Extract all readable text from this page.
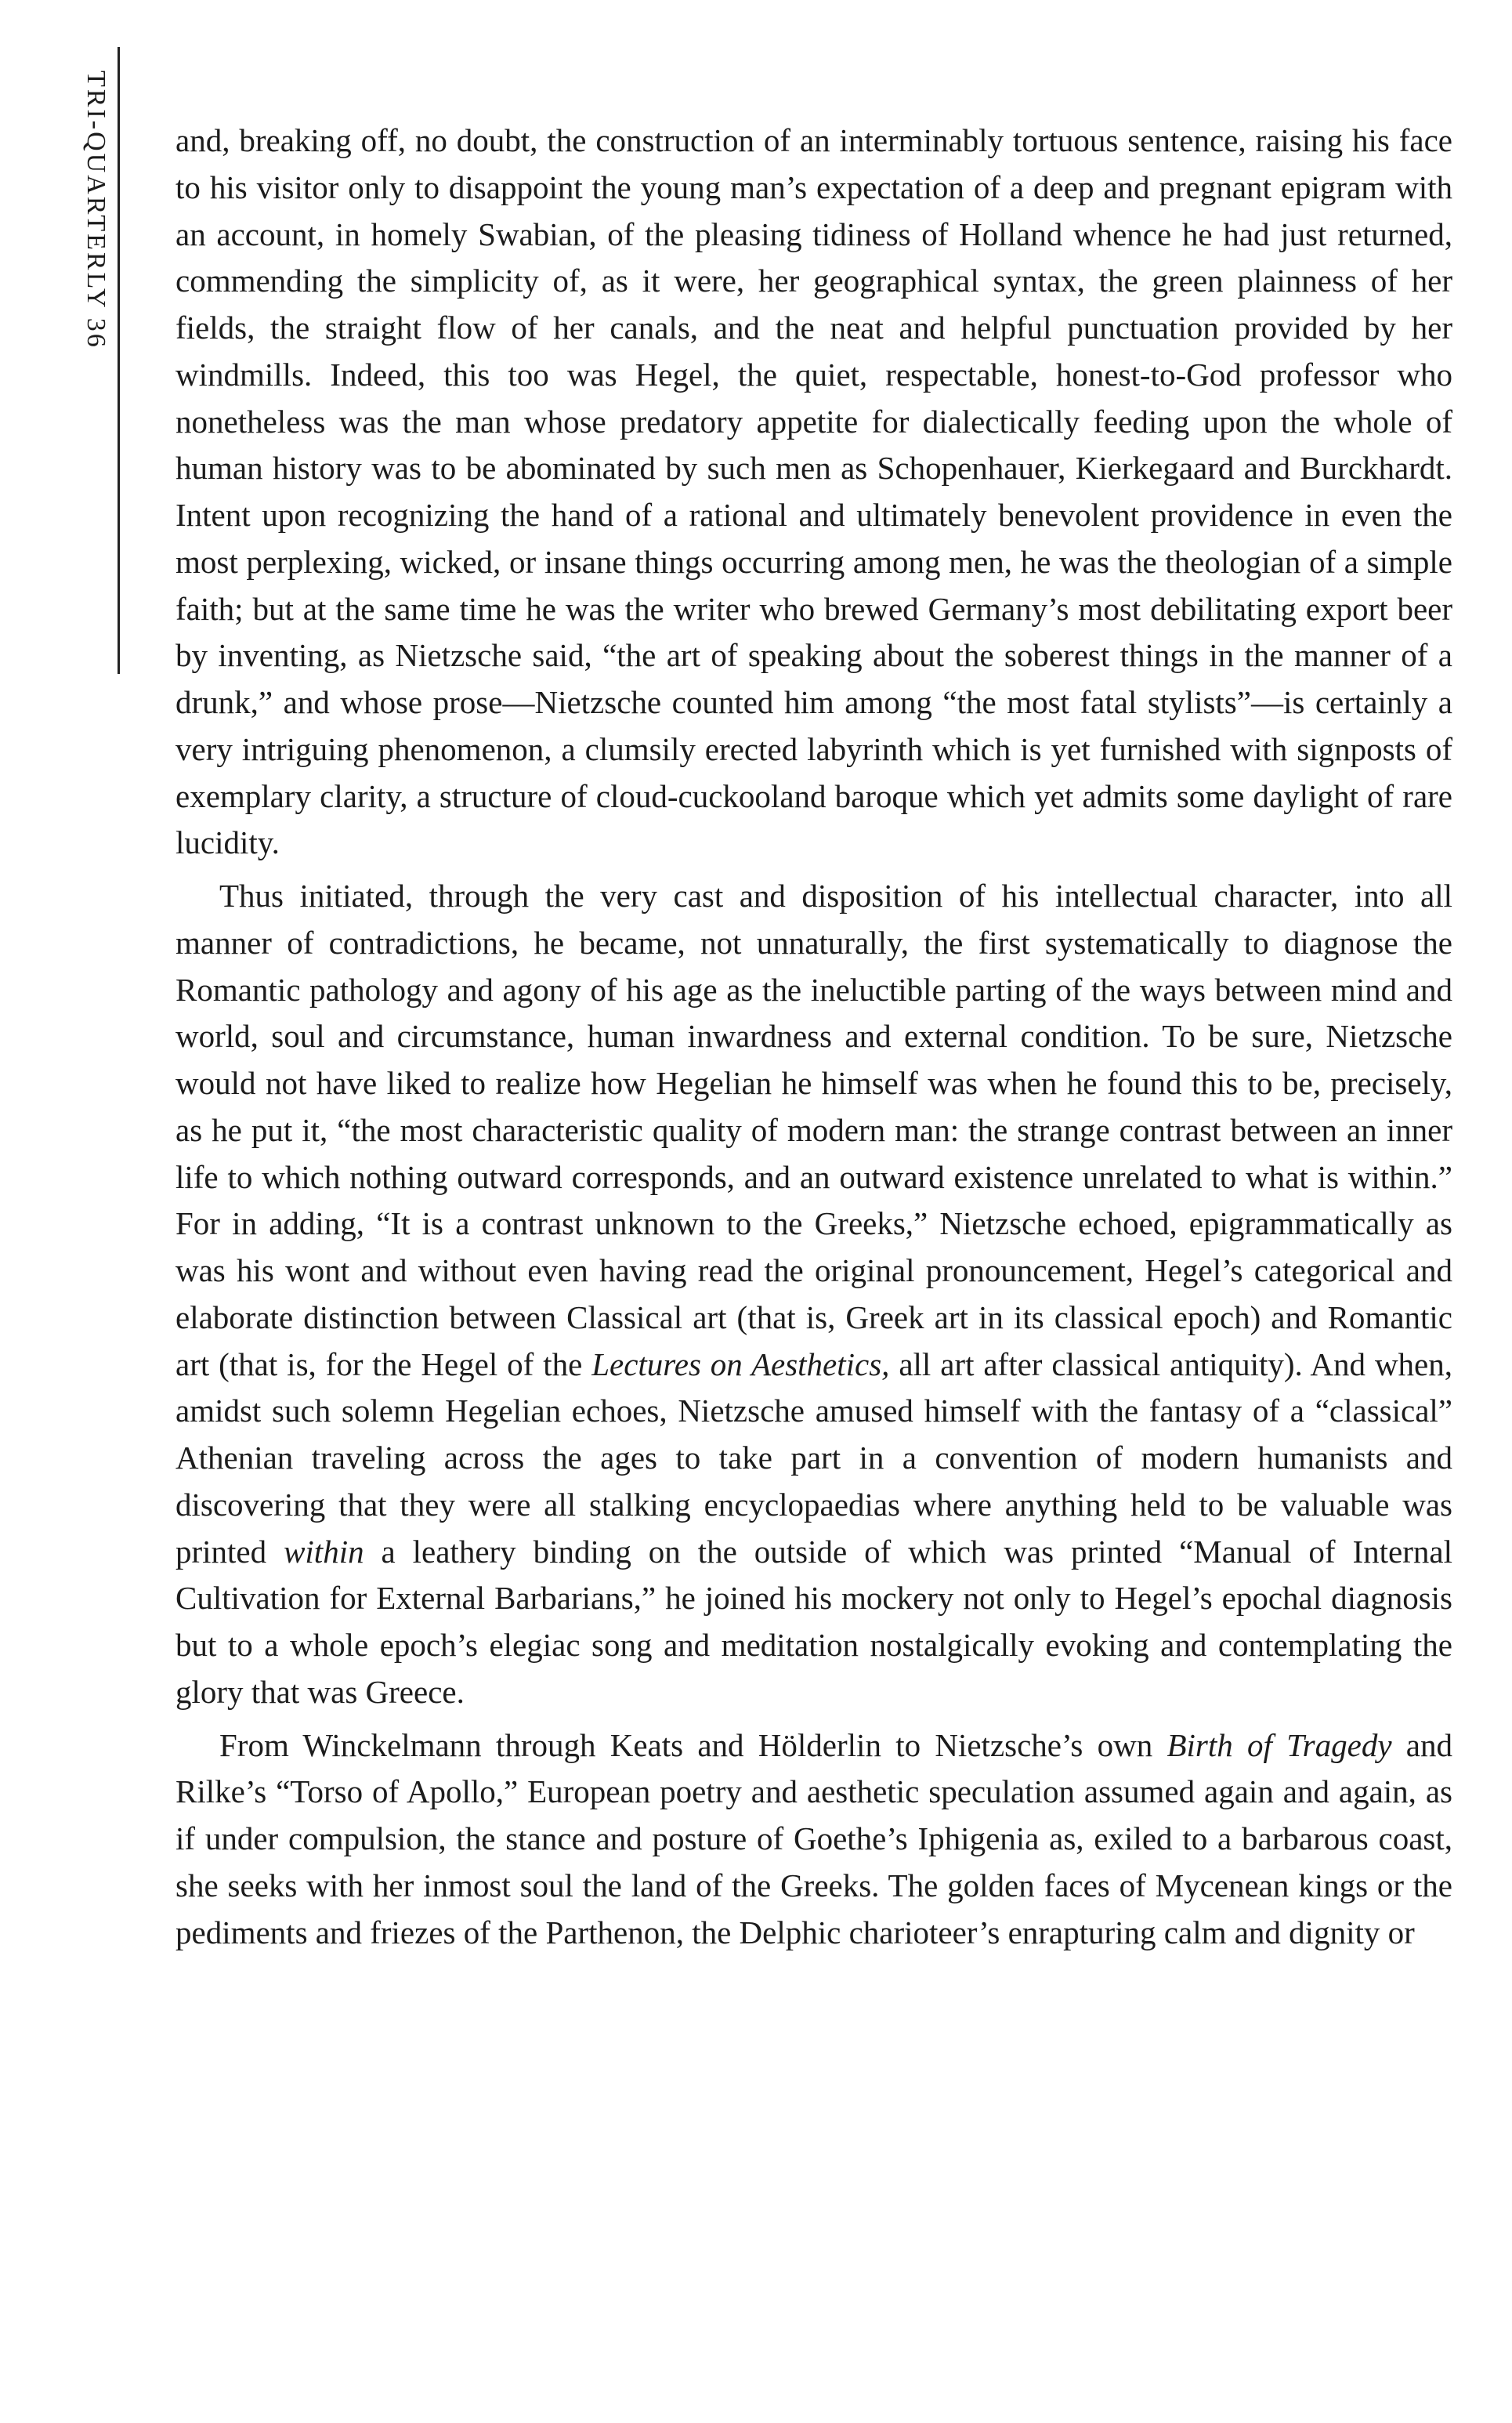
TRI-QUARTERLY 36 and, breaking off, no doubt, the construction of an interminably tortuous sentence, raising his face to his visitor only to disappoint the young man’s expectation of a deep and pregnant epigram with an account, in homely Swabian, of the pleasing tidiness of Holland whence he had just returned, commending the simplicity of, as it were, her geographical syntax, the green plainness of her fields, the straight flow of her canals, and the neat and helpful punctuation provided by her windmills. Indeed, this too was Hegel, the quiet, respectable, honest-to-God professor who nonetheless was the man whose predatory appetite for dialectically feeding upon the whole of human history was to be abominated by such men as Schopenhauer, Kierkegaard and Burckhardt. Intent upon recognizing the hand of a rational and ultimately benevolent providence in even the most perplexing, wicked, or insane things occurring among men, he was the theologian of a simple faith; but at the same time he was the writer who brewed Germany’s most debilitating export beer by inventing, as Nietzsche said, “the art of speaking about the soberest things in the manner of a drunk,” and whose prose—Nietzsche counted him among “the most fatal stylists”—is certainly a very intriguing phenomenon, a clumsily erected labyrinth which is yet furnished with signposts of exemplary clarity, a structure of cloud-cuckooland baroque which yet admits some daylight of rare lucidity.

Thus initiated, through the very cast and disposition of his intellectual character, into all manner of contradictions, he became, not unnaturally, the first systematically to diagnose the Romantic pathology and agony of his age as the ineluctible parting of the ways between mind and world, soul and circumstance, human inwardness and external condition. To be sure, Nietzsche would not have liked to realize how Hegelian he himself was when he found this to be, precisely, as he put it, “the most characteristic quality of modern man: the strange contrast between an inner life to which nothing outward corresponds, and an outward existence unrelated to what is within.” For in adding, “It is a contrast unknown to the Greeks,” Nietzsche echoed, epigrammatically as was his wont and without even having read the original pronouncement, Hegel’s categorical and elaborate distinction between Classical art (that is, Greek art in its classical epoch) and Romantic art (that is, for the Hegel of the Lectures on Aesthetics, all art after classical antiquity). And when, amidst such solemn Hegelian echoes, Nietzsche amused himself with the fantasy of a “classical” Athenian traveling across the ages to take part in a convention of modern humanists and discovering that they were all stalking encyclopaedias where anything held to be valuable was printed within a leathery binding on the outside of which was printed “Manual of Internal Cultivation for External Barbarians,” he joined his mockery not only to Hegel’s epochal diagnosis but to a whole epoch’s elegiac song and meditation nostalgically evoking and contemplating the glory that was Greece.

From Winckelmann through Keats and Hölderlin to Nietzsche’s own Birth of Tragedy and Rilke’s “Torso of Apollo,” European poetry and aesthetic speculation assumed again and again, as if under compulsion, the stance and posture of Goethe’s Iphigenia as, exiled to a barbarous coast, she seeks with her inmost soul the land of the Greeks. The golden faces of Mycenean kings or the pediments and friezes of the Parthenon, the Delphic charioteer’s enrapturing calm and dignity or
